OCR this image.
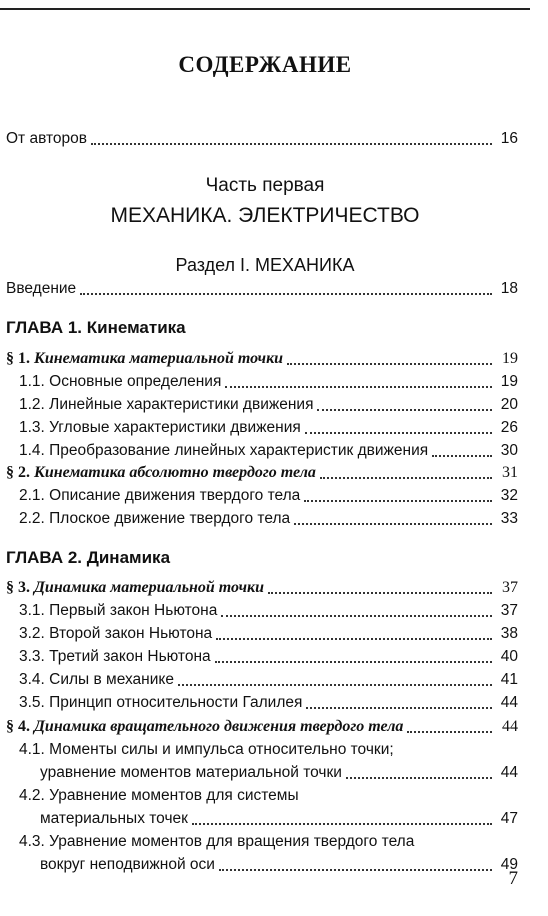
СОДЕРЖАНИЕ
От авторов	16
Часть первая
МЕХАНИКА. ЭЛЕКТРИЧЕСТВО
Раздел I. МЕХАНИКА
Введение	18
ГЛАВА 1. Кинематика
§ 1. Кинематика материальной точки	19
1.1. Основные определения	19
1.2. Линейные характеристики движения	20
1.3. Угловые характеристики движения	26
1.4. Преобразование линейных характеристик движения	30
§ 2. Кинематика абсолютно твердого тела	31
2.1. Описание движения твердого тела	32
2.2. Плоское движение твердого тела	33
ГЛАВА 2. Динамика
§ 3. Динамика материальной точки	37
3.1. Первый закон Ньютона	37
3.2. Второй закон Ньютона	38
3.3. Третий закон Ньютона	40
3.4. Силы в механике	41
3.5. Принцип относительности Галилея	44
§ 4. Динамика вращательного движения твердого тела	44
4.1. Моменты силы и импульса относительно точки;
уравнение моментов материальной точки	44
4.2. Уравнение моментов для системы
материальных точек	47
4.3. Уравнение моментов для вращения твердого тела
вокруг неподвижной оси	49
7
